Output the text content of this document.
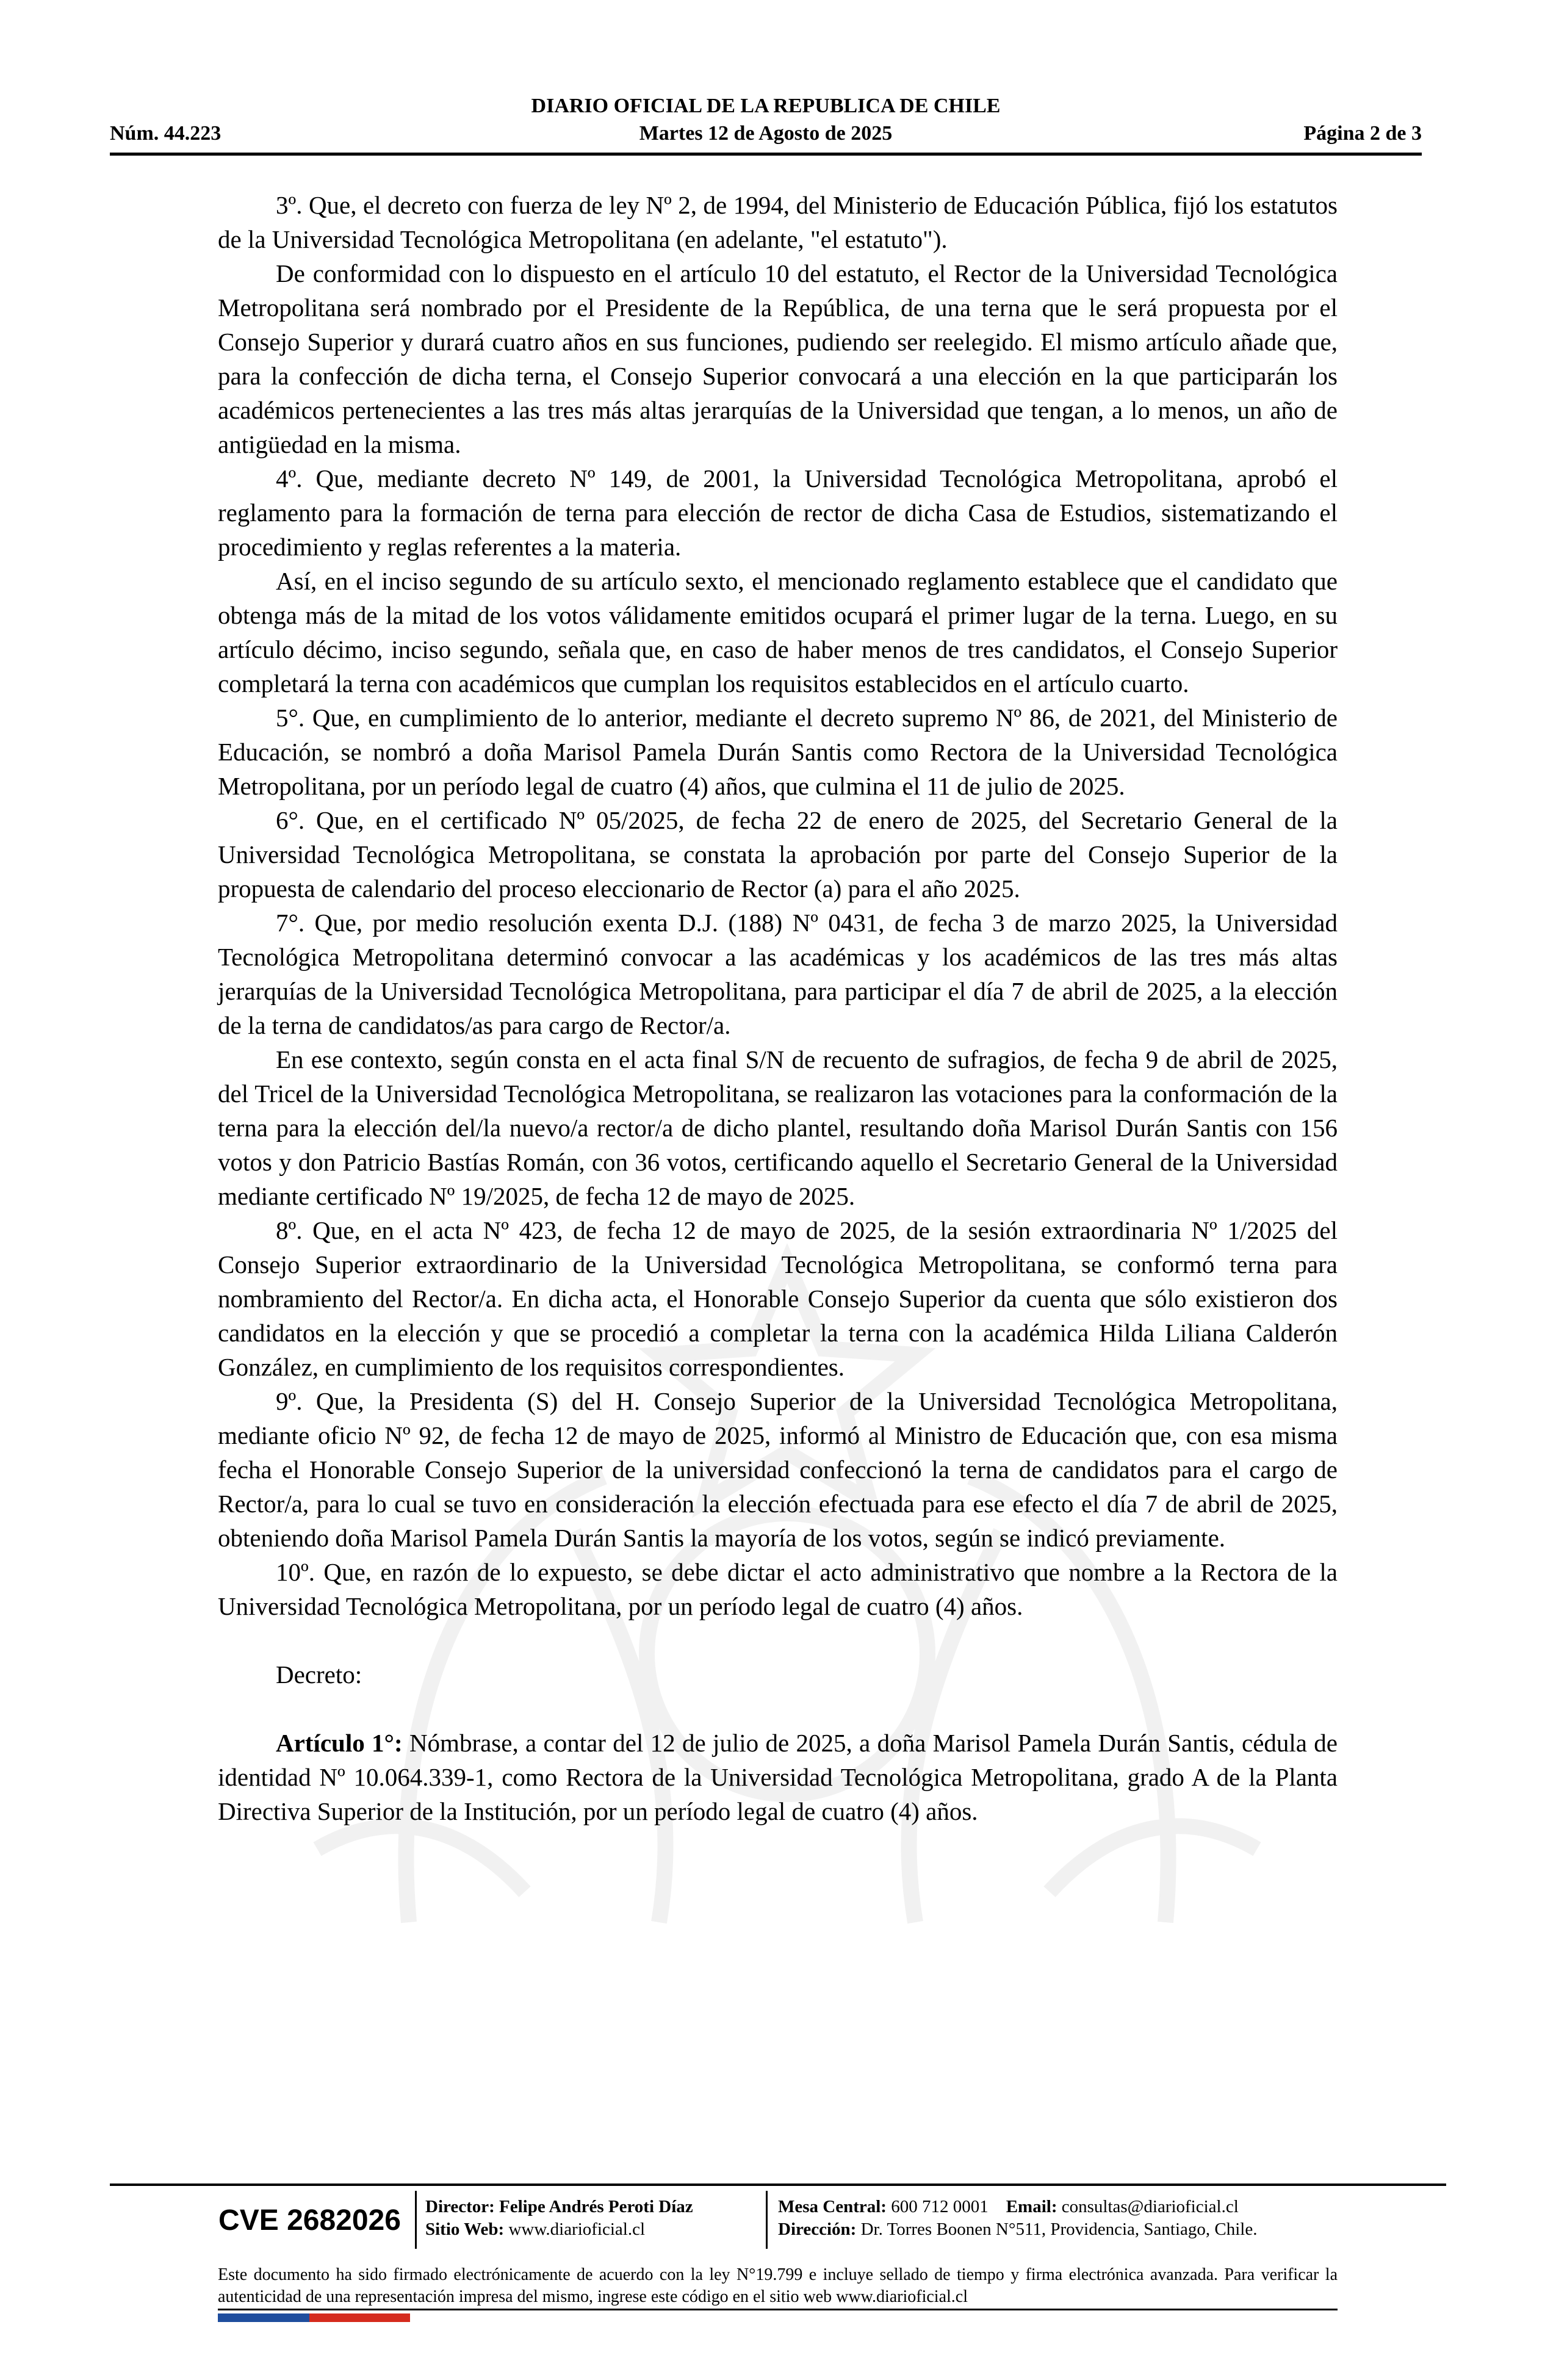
DIARIO OFICIAL DE LA REPUBLICA DE CHILE
Núm. 44.223	Martes 12 de Agosto de 2025	Página 2 de 3

3º. Que, el decreto con fuerza de ley Nº 2, de 1994, del Ministerio de Educación Pública, fijó los estatutos de la Universidad Tecnológica Metropolitana (en adelante, "el estatuto").

De conformidad con lo dispuesto en el artículo 10 del estatuto, el Rector de la Universidad Tecnológica Metropolitana será nombrado por el Presidente de la República, de una terna que le será propuesta por el Consejo Superior y durará cuatro años en sus funciones, pudiendo ser reelegido. El mismo artículo añade que, para la confección de dicha terna, el Consejo Superior convocará a una elección en la que participarán los académicos pertenecientes a las tres más altas jerarquías de la Universidad que tengan, a lo menos, un año de antigüedad en la misma.

4º. Que, mediante decreto Nº 149, de 2001, la Universidad Tecnológica Metropolitana, aprobó el reglamento para la formación de terna para elección de rector de dicha Casa de Estudios, sistematizando el procedimiento y reglas referentes a la materia.

Así, en el inciso segundo de su artículo sexto, el mencionado reglamento establece que el candidato que obtenga más de la mitad de los votos válidamente emitidos ocupará el primer lugar de la terna. Luego, en su artículo décimo, inciso segundo, señala que, en caso de haber menos de tres candidatos, el Consejo Superior completará la terna con académicos que cumplan los requisitos establecidos en el artículo cuarto.

5°. Que, en cumplimiento de lo anterior, mediante el decreto supremo Nº 86, de 2021, del Ministerio de Educación, se nombró a doña Marisol Pamela Durán Santis como Rectora de la Universidad Tecnológica Metropolitana, por un período legal de cuatro (4) años, que culmina el 11 de julio de 2025.

6°. Que, en el certificado Nº 05/2025, de fecha 22 de enero de 2025, del Secretario General de la Universidad Tecnológica Metropolitana, se constata la aprobación por parte del Consejo Superior de la propuesta de calendario del proceso eleccionario de Rector (a) para el año 2025.

7°. Que, por medio resolución exenta D.J. (188) Nº 0431, de fecha 3 de marzo 2025, la Universidad Tecnológica Metropolitana determinó convocar a las académicas y los académicos de las tres más altas jerarquías de la Universidad Tecnológica Metropolitana, para participar el día 7 de abril de 2025, a la elección de la terna de candidatos/as para cargo de Rector/a.

En ese contexto, según consta en el acta final S/N de recuento de sufragios, de fecha 9 de abril de 2025, del Tricel de la Universidad Tecnológica Metropolitana, se realizaron las votaciones para la conformación de la terna para la elección del/la nuevo/a rector/a de dicho plantel, resultando doña Marisol Durán Santis con 156 votos y don Patricio Bastías Román, con 36 votos, certificando aquello el Secretario General de la Universidad mediante certificado Nº 19/2025, de fecha 12 de mayo de 2025.

8º. Que, en el acta Nº 423, de fecha 12 de mayo de 2025, de la sesión extraordinaria Nº 1/2025 del Consejo Superior extraordinario de la Universidad Tecnológica Metropolitana, se conformó terna para nombramiento del Rector/a. En dicha acta, el Honorable Consejo Superior da cuenta que sólo existieron dos candidatos en la elección y que se procedió a completar la terna con la académica Hilda Liliana Calderón González, en cumplimiento de los requisitos correspondientes.

9º. Que, la Presidenta (S) del H. Consejo Superior de la Universidad Tecnológica Metropolitana, mediante oficio Nº 92, de fecha 12 de mayo de 2025, informó al Ministro de Educación que, con esa misma fecha el Honorable Consejo Superior de la universidad confeccionó la terna de candidatos para el cargo de Rector/a, para lo cual se tuvo en consideración la elección efectuada para ese efecto el día 7 de abril de 2025, obteniendo doña Marisol Pamela Durán Santis la mayoría de los votos, según se indicó previamente.

10º. Que, en razón de lo expuesto, se debe dictar el acto administrativo que nombre a la Rectora de la Universidad Tecnológica Metropolitana, por un período legal de cuatro (4) años.

Decreto:

Artículo 1°: Nómbrase, a contar del 12 de julio de 2025, a doña Marisol Pamela Durán Santis, cédula de identidad Nº 10.064.339-1, como Rectora de la Universidad Tecnológica Metropolitana, grado A de la Planta Directiva Superior de la Institución, por un período legal de cuatro (4) años.

CVE 2682026	Director: Felipe Andrés Peroti Díaz
Sitio Web: www.diarioficial.cl
Mesa Central: 600 712 0001 Email: consultas@diarioficial.cl
Dirección: Dr. Torres Boonen N°511, Providencia, Santiago, Chile.
Este documento ha sido firmado electrónicamente de acuerdo con la ley N°19.799 e incluye sellado de tiempo y firma electrónica avanzada. Para verificar la autenticidad de una representación impresa del mismo, ingrese este código en el sitio web www.diarioficial.cl
